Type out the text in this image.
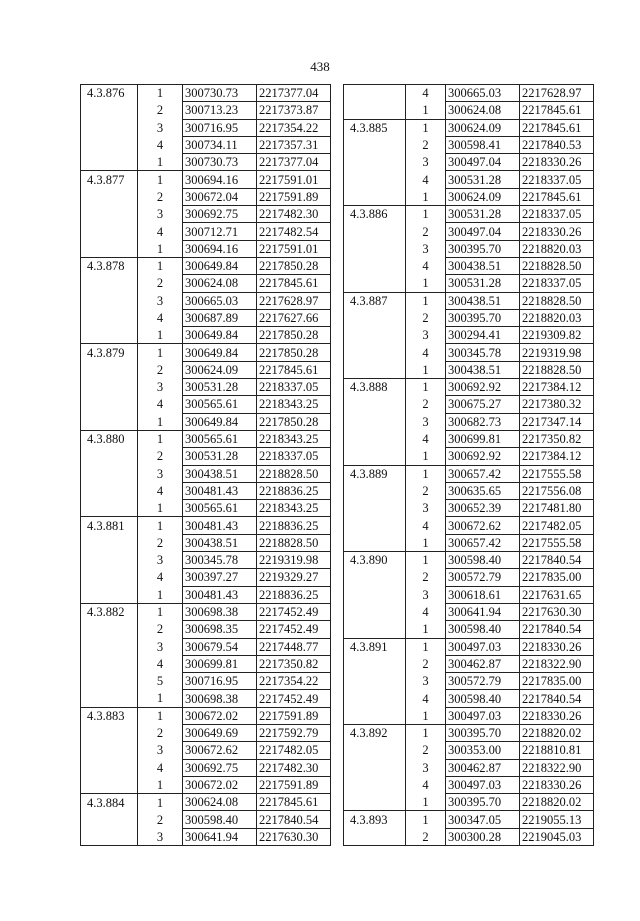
438
4.3.876	1	300730.73	2217377.04
	2	300713.23	2217373.87
	3	300716.95	2217354.22
	4	300734.11	2217357.31
	1	300730.73	2217377.04
4.3.877	1	300694.16	2217591.01
	2	300672.04	2217591.89
	3	300692.75	2217482.30
	4	300712.71	2217482.54
	1	300694.16	2217591.01
4.3.878	1	300649.84	2217850.28
	2	300624.08	2217845.61
	3	300665.03	2217628.97
	4	300687.89	2217627.66
	1	300649.84	2217850.28
4.3.879	1	300649.84	2217850.28
	2	300624.09	2217845.61
	3	300531.28	2218337.05
	4	300565.61	2218343.25
	1	300649.84	2217850.28
4.3.880	1	300565.61	2218343.25
	2	300531.28	2218337.05
	3	300438.51	2218828.50
	4	300481.43	2218836.25
	1	300565.61	2218343.25
4.3.881	1	300481.43	2218836.25
	2	300438.51	2218828.50
	3	300345.78	2219319.98
	4	300397.27	2219329.27
	1	300481.43	2218836.25
4.3.882	1	300698.38	2217452.49
	2	300698.35	2217452.49
	3	300679.54	2217448.77
	4	300699.81	2217350.82
	5	300716.95	2217354.22
	1	300698.38	2217452.49
4.3.883	1	300672.02	2217591.89
	2	300649.69	2217592.79
	3	300672.62	2217482.05
	4	300692.75	2217482.30
	1	300672.02	2217591.89
4.3.884	1	300624.08	2217845.61
	2	300598.40	2217840.54
	3	300641.94	2217630.30
	4	300665.03	2217628.97
	1	300624.08	2217845.61
4.3.885	1	300624.09	2217845.61
	2	300598.41	2217840.53
	3	300497.04	2218330.26
	4	300531.28	2218337.05
	1	300624.09	2217845.61
4.3.886	1	300531.28	2218337.05
	2	300497.04	2218330.26
	3	300395.70	2218820.03
	4	300438.51	2218828.50
	1	300531.28	2218337.05
4.3.887	1	300438.51	2218828.50
	2	300395.70	2218820.03
	3	300294.41	2219309.82
	4	300345.78	2219319.98
	1	300438.51	2218828.50
4.3.888	1	300692.92	2217384.12
	2	300675.27	2217380.32
	3	300682.73	2217347.14
	4	300699.81	2217350.82
	1	300692.92	2217384.12
4.3.889	1	300657.42	2217555.58
	2	300635.65	2217556.08
	3	300652.39	2217481.80
	4	300672.62	2217482.05
	1	300657.42	2217555.58
4.3.890	1	300598.40	2217840.54
	2	300572.79	2217835.00
	3	300618.61	2217631.65
	4	300641.94	2217630.30
	1	300598.40	2217840.54
4.3.891	1	300497.03	2218330.26
	2	300462.87	2218322.90
	3	300572.79	2217835.00
	4	300598.40	2217840.54
	1	300497.03	2218330.26
4.3.892	1	300395.70	2218820.02
	2	300353.00	2218810.81
	3	300462.87	2218322.90
	4	300497.03	2218330.26
	1	300395.70	2218820.02
4.3.893	1	300347.05	2219055.13
	2	300300.28	2219045.03
